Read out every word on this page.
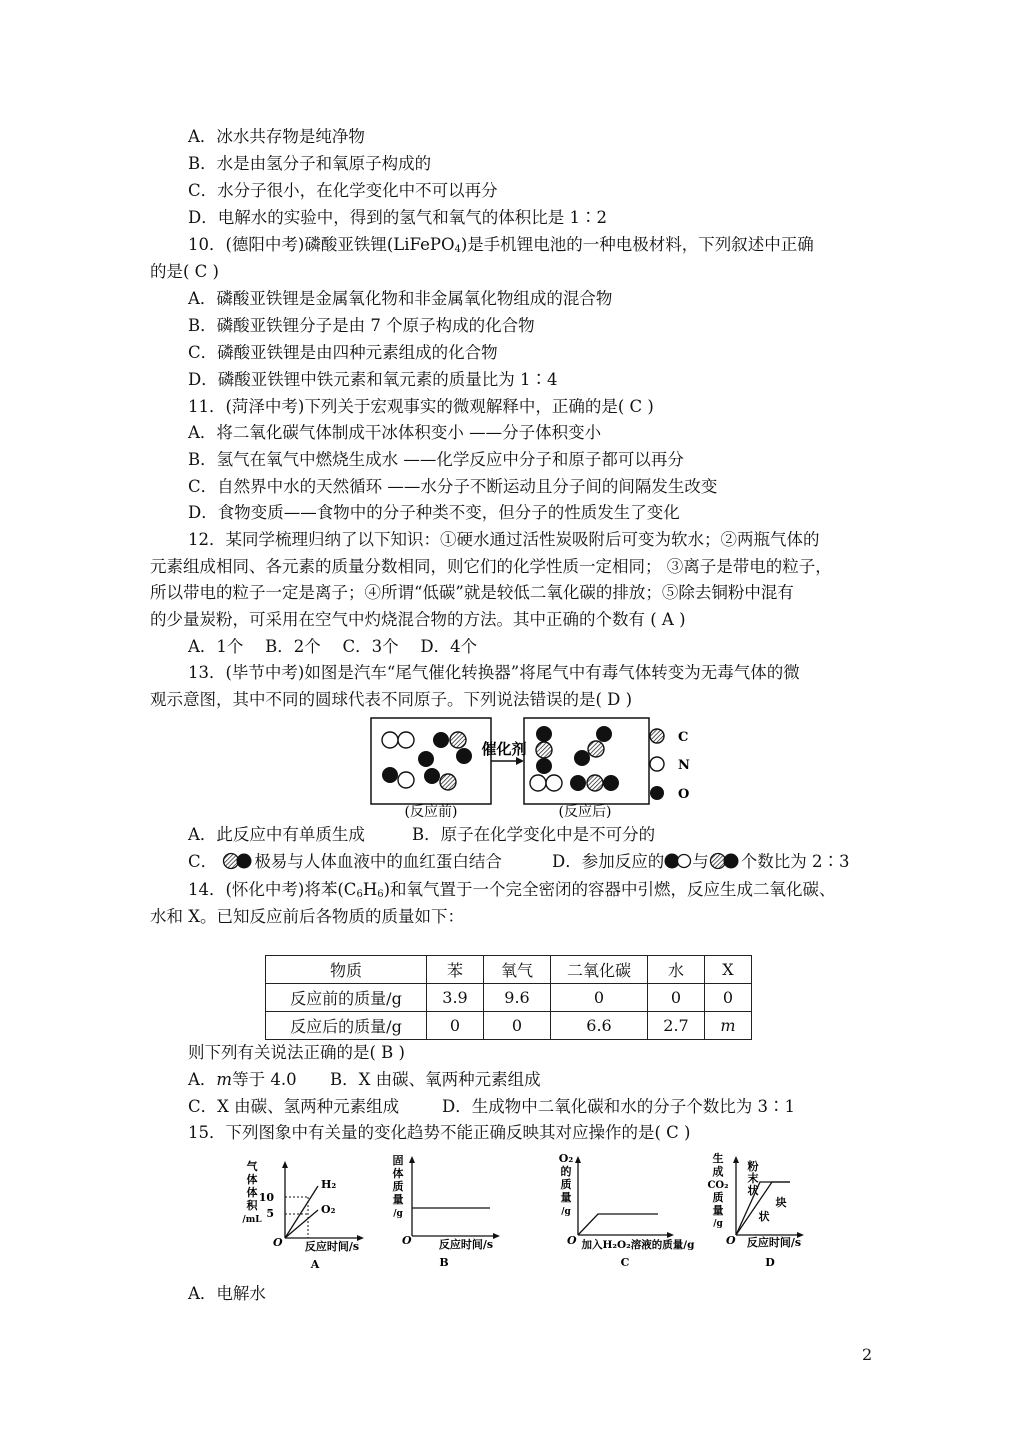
A．冰水共存物是纯净物
B．水是由氢分子和氧原子构成的
C．水分子很小，在化学变化中不可以再分
D．电解水的实验中，得到的氢气和氧气的体积比是 1∶2
10．(德阳中考)磷酸亚铁锂(LiFePO$_4$)是手机锂电池的一种电极材料，下列叙述中正确
的是( C )
A．磷酸亚铁锂是金属氧化物和非金属氧化物组成的混合物
B．磷酸亚铁锂分子是由 7 个原子构成的化合物
C．磷酸亚铁锂是由四种元素组成的化合物
D．磷酸亚铁锂中铁元素和氧元素的质量比为 1∶4
11．(菏泽中考)下列关于宏观事实的微观解释中，正确的是( C )
A．将二氧化碳气体制成干冰体积变小 ——分子体积变小
B．氢气在氧气中燃烧生成水 ——化学反应中分子和原子都可以再分
C．自然界中水的天然循环 ——水分子不断运动且分子间的间隔发生改变
D．食物变质——食物中的分子种类不变，但分子的性质发生了变化
12．某同学梳理归纳了以下知识：①硬水通过活性炭吸附后可变为软水；②两瓶气体的
元素组成相同、各元素的质量分数相同，则它们的化学性质一定相同； ③离子是带电的粒子，
所以带电的粒子一定是离子；④所谓“低碳”就是较低二氧化碳的排放；⑤除去铜粉中混有
的少量炭粉，可采用在空气中灼烧混合物的方法。其中正确的个数有 ( A )
A．1个　 B．2个　 C．3个　 D．4个
13．(毕节中考)如图是汽车“尾气催化转换器”将尾气中有毒气体转变为无毒气体的微
观示意图，其中不同的圆球代表不同原子。下列说法错误的是( D )
催化剂
(反应前)	(反应后)
C
N
O
A．此反应中有单质生成	B．原子在化学变化中是不可分的
C． 极易与人体血液中的血红蛋白结合	D．参加反应的 与 个数比为 2∶3
14．(怀化中考)将苯$(C_6H_6)$和氧气置于一个完全密闭的容器中引燃，反应生成二氧化碳、
水和 X。已知反应前后各物质的质量如下：
物质	苯	氧气	二氧化碳	水	X
反应前的质量/g	3.9	9.6	0	0	0
反应后的质量/g	0	0	6.6	2.7	m
则下列有关说法正确的是( B )
A．m等于 4.0 B．X 由碳、氧两种元素组成
C．X 由碳、氢两种元素组成	D．生成物中二氧化碳和水的分子个数比为 3∶1
15．下列图象中有关量的变化趋势不能正确反映其对应操作的是( C )
气
体
体
积
/mL
10
5
H₂
O₂
O 反应时间/s
A
固
体
质
量
/g
O 反应时间/s
B
O₂
的
质
量
/g
O 加入H₂O₂溶液的质量/g
C
生
成
CO₂
质
量
/g
粉
末
状
块
状
O 反应时间/s
D
A．电解水
2
